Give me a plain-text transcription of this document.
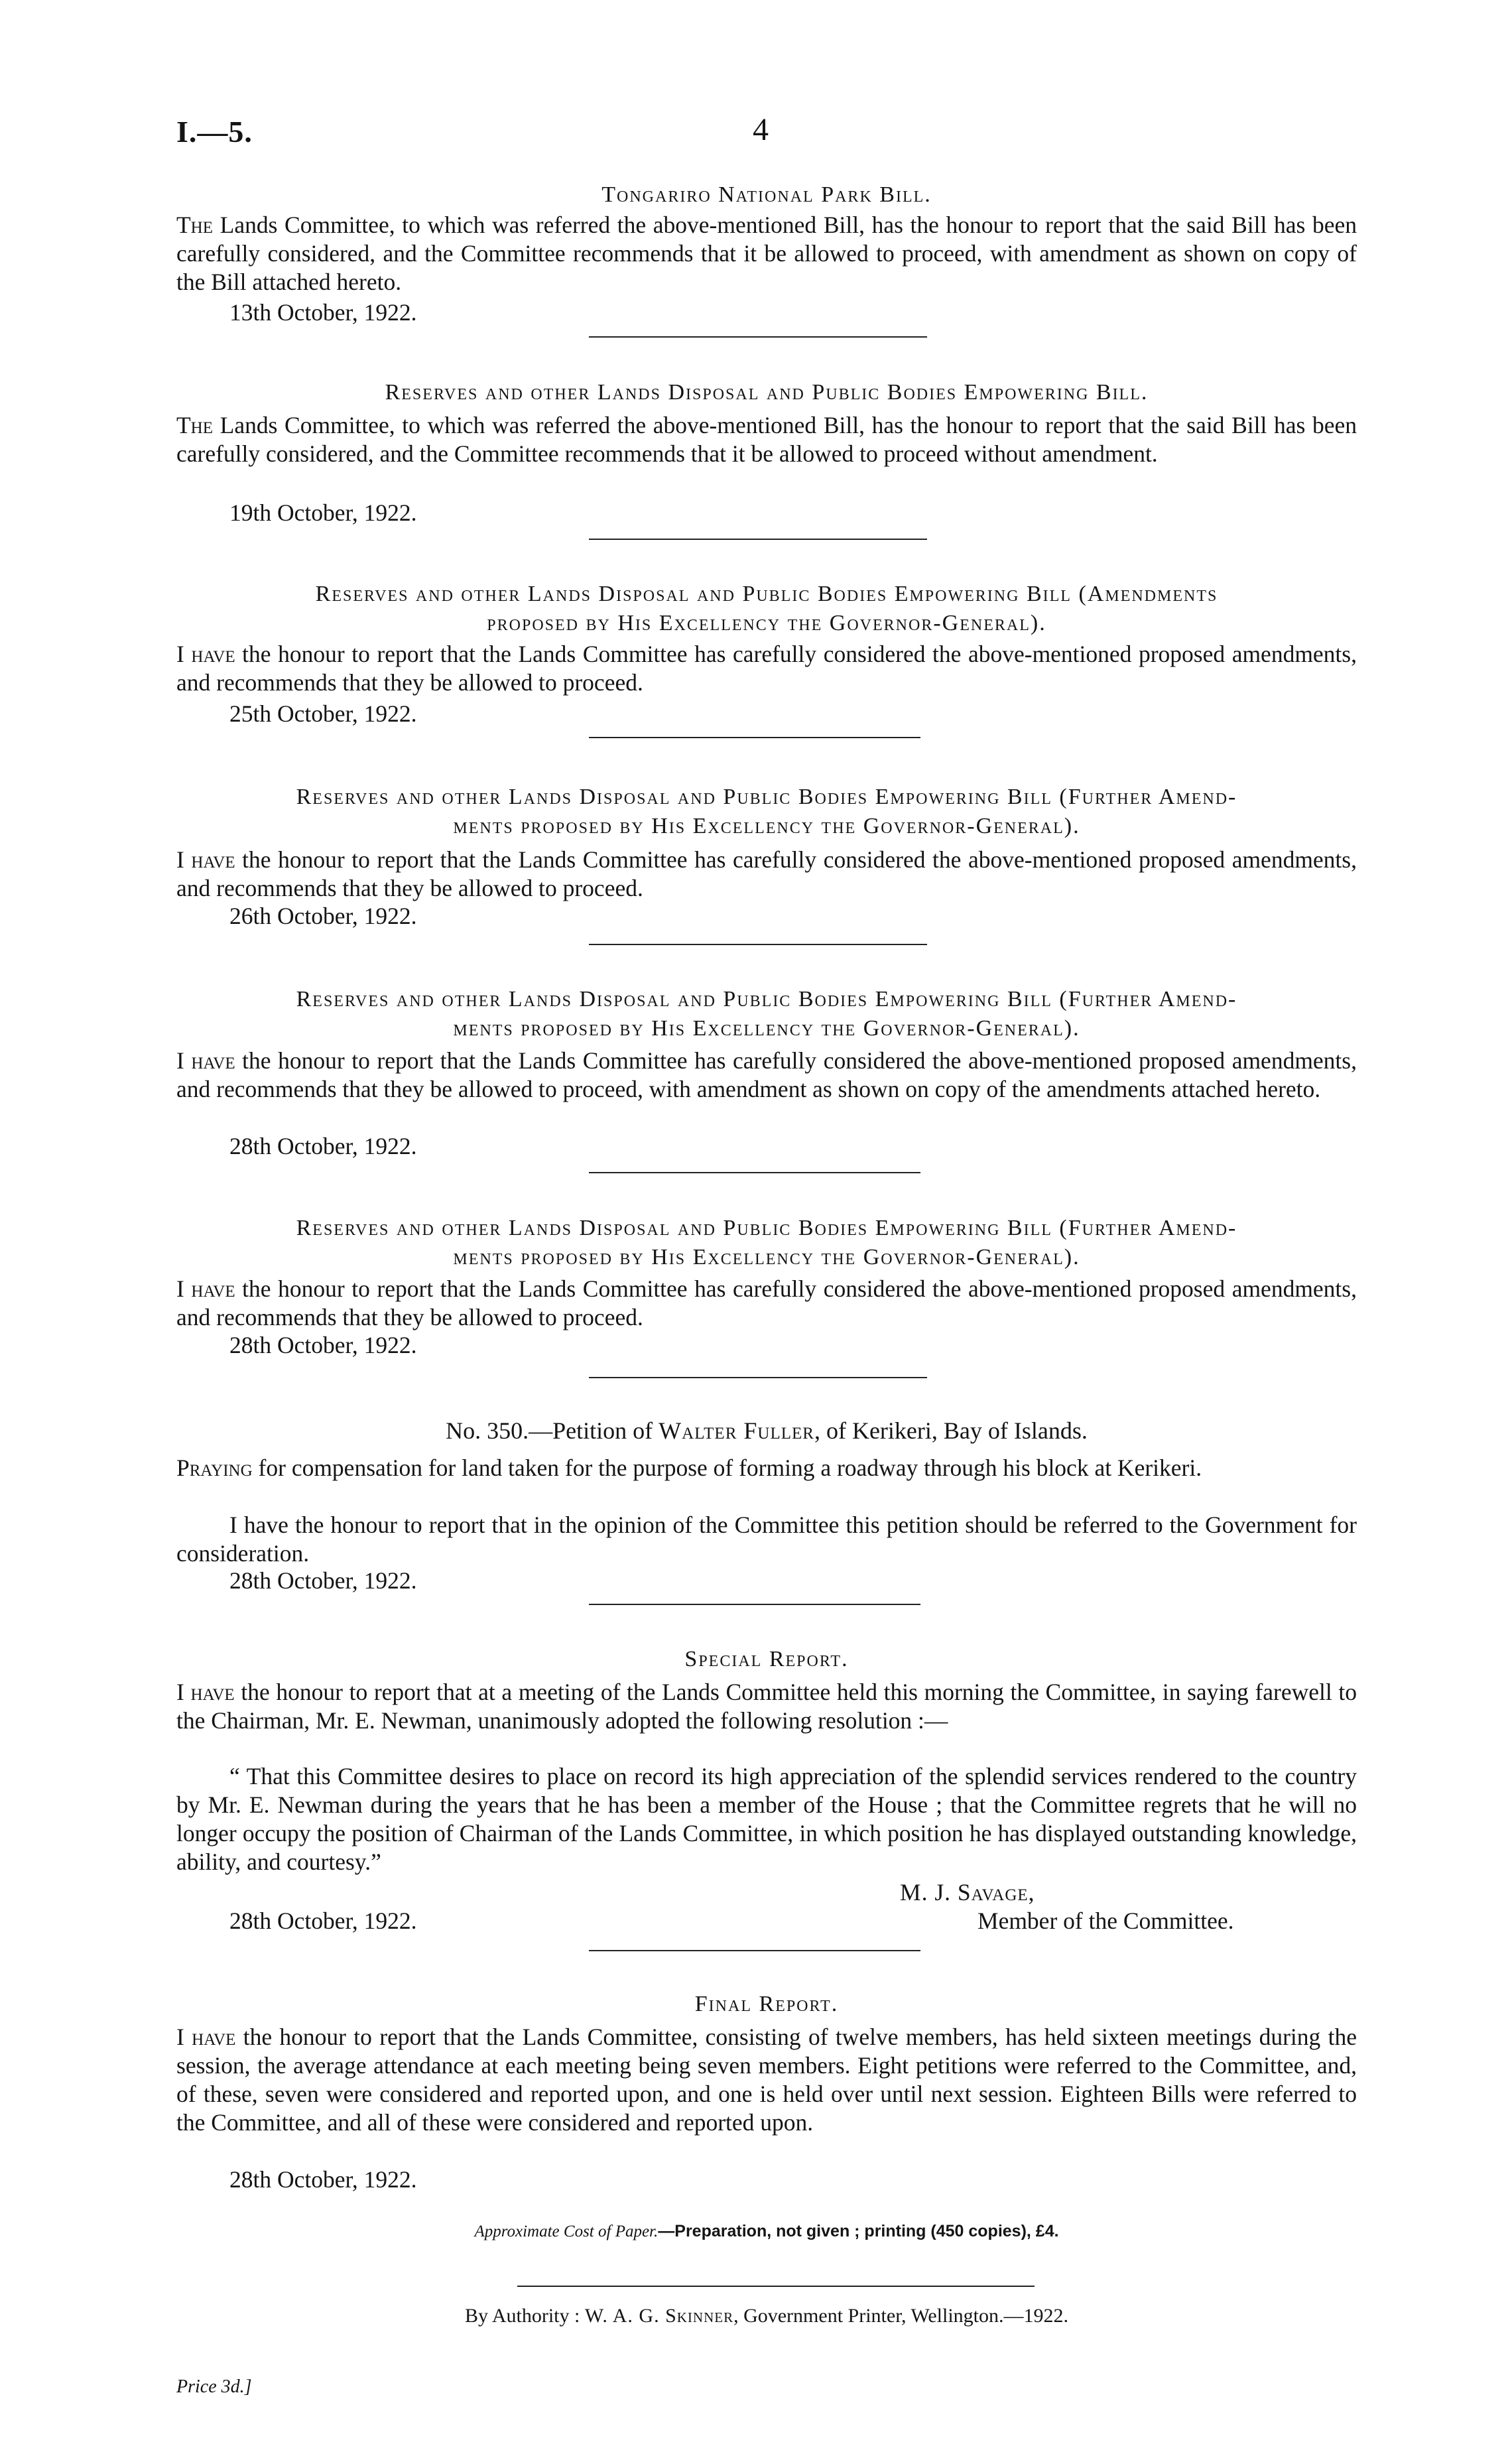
I.—5.	4
Tongariro National Park Bill.
The Lands Committee, to which was referred the above-mentioned Bill, has the honour to report that the said Bill has been carefully considered, and the Committee recommends that it be allowed to proceed, with amendment as shown on copy of the Bill attached hereto.
13th October, 1922.
Reserves and other Lands Disposal and Public Bodies Empowering Bill.
The Lands Committee, to which was referred the above-mentioned Bill, has the honour to report that the said Bill has been carefully considered, and the Committee recommends that it be allowed to proceed without amendment.
19th October, 1922.
Reserves and other Lands Disposal and Public Bodies Empowering Bill (Amendments
proposed by His Excellency the Governor-General).
I have the honour to report that the Lands Committee has carefully considered the above-mentioned proposed amendments, and recommends that they be allowed to proceed.
25th October, 1922.
Reserves and other Lands Disposal and Public Bodies Empowering Bill (Further Amend-
ments proposed by His Excellency the Governor-General).
I have the honour to report that the Lands Committee has carefully considered the above-mentioned proposed amendments, and recommends that they be allowed to proceed.
26th October, 1922.
Reserves and other Lands Disposal and Public Bodies Empowering Bill (Further Amend-
ments proposed by His Excellency the Governor-General).
I have the honour to report that the Lands Committee has carefully considered the above-mentioned proposed amendments, and recommends that they be allowed to proceed, with amendment as shown on copy of the amendments attached hereto.
28th October, 1922.
Reserves and other Lands Disposal and Public Bodies Empowering Bill (Further Amend-
ments proposed by His Excellency the Governor-General).
I have the honour to report that the Lands Committee has carefully considered the above-mentioned proposed amendments, and recommends that they be allowed to proceed.
28th October, 1922.
No. 350.—Petition of Walter Fuller, of Kerikeri, Bay of Islands.
Praying for compensation for land taken for the purpose of forming a roadway through his block at Kerikeri.
I have the honour to report that in the opinion of the Committee this petition should be referred to the Government for consideration.
28th October, 1922.
Special Report.
I have the honour to report that at a meeting of the Lands Committee held this morning the Committee, in saying farewell to the Chairman, Mr. E. Newman, unanimously adopted the following resolution :—
“ That this Committee desires to place on record its high appreciation of the splendid services rendered to the country by Mr. E. Newman during the years that he has been a member of the House ; that the Committee regrets that he will no longer occupy the position of Chairman of the Lands Committee, in which position he has displayed outstanding knowledge, ability, and courtesy.”
M. J. Savage,
28th October, 1922.	Member of the Committee.
Final Report.
I have the honour to report that the Lands Committee, consisting of twelve members, has held sixteen meetings during the session, the average attendance at each meeting being seven members. Eight petitions were referred to the Committee, and, of these, seven were considered and reported upon, and one is held over until next session. Eighteen Bills were referred to the Committee, and all of these were considered and reported upon.
28th October, 1922.
Approximate Cost of Paper.—Preparation, not given ; printing (450 copies), £4.
By Authority : W. A. G. Skinner, Government Printer, Wellington.—1922.
Price 3d.]
